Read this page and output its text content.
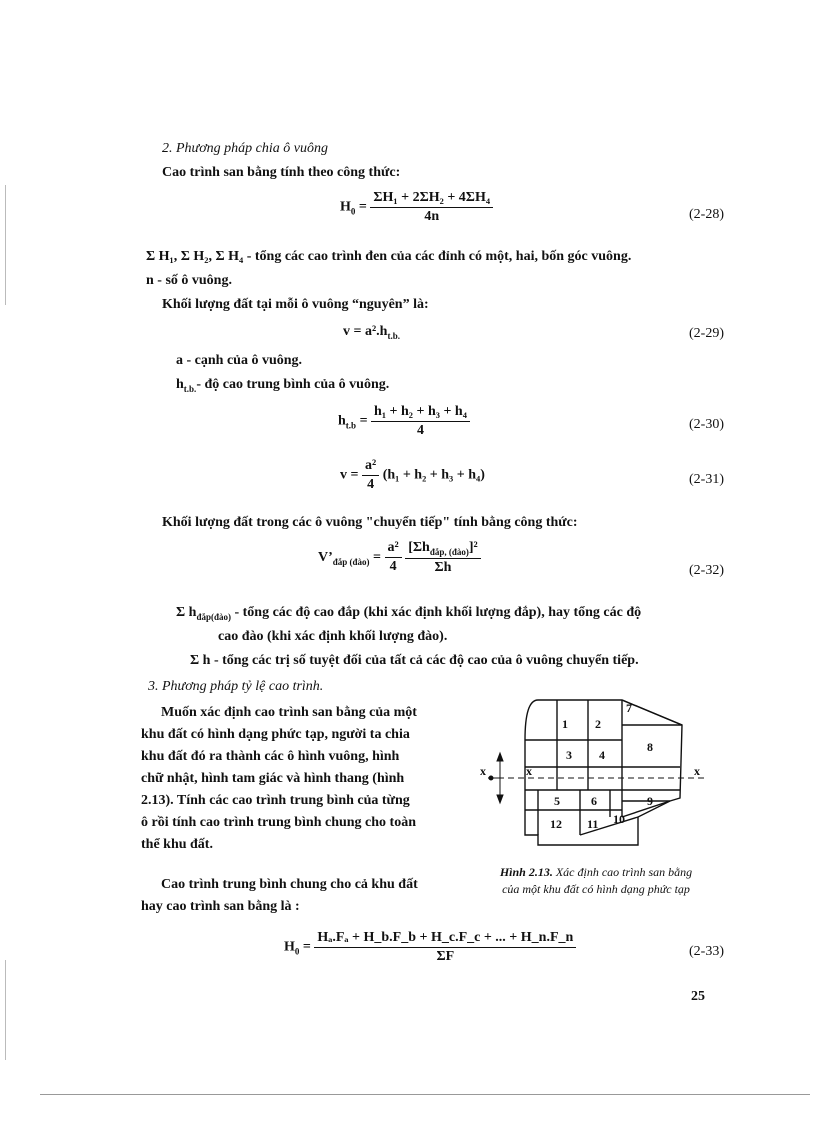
2. Phương pháp chia ô vuông
Cao trình san bằng tính theo công thức:
$H_0 = \frac{\text{ΣH₁ + 2ΣH₂ + 4ΣH₄}}{4n}$	(2-28)
Σ H₁, Σ H₂, Σ H₄ - tổng các cao trình đen của các đỉnh có một, hai, bốn góc vuông.
n - số ô vuông.
Khối lượng đất tại mỗi ô vuông “nguyên” là:
$v = a^2.h_{t.b.}$	(2-29)
a - cạnh của ô vuông.
$h_{t.b.}-$ độ cao trung bình của ô vuông.
$h_{t.b} = \frac{\text{h₁ + h₂ + h₃ + h₄}}{4}$	(2-30)
$v = \frac{\text{a²}}{4} (h_1 + h_2 + h_3 + h_4)$	(2-31)
Khối lượng đất trong các ô vuông "chuyển tiếp" tính bằng công thức:
$V’_{đắp (đào)} = \frac{\text{a²}}{4}$
$\frac{[\Sigma h_{đắp, (đào)}]^2}{\Sigma h}$	(2-32)
Σ $h_{đắp(đào)}$ - tổng các độ cao đắp (khi xác định khối lượng đắp), hay tổng các độ
cao đào (khi xác định khối lượng đào).
Σ h - tổng các trị số tuyệt đối của tất cả các độ cao của ô vuông chuyển tiếp.
3. Phương pháp tỷ lệ cao trình.
Muốn xác định cao trình san bằng của một
khu đất có hình dạng phức tạp, người ta chia
khu đất đó ra thành các ô hình vuông, hình
chữ nhật, hình tam giác và hình thang (hình
2.13). Tính các cao trình trung bình của từng
ô rồi tính cao trình trung bình chung cho toàn
thể khu đất.
Cao trình trung bình chung cho cả khu đất
hay cao trình san bằng là :
1 2
7
8
3 4
5	6	9
12 11 10
x	x	x
Hình 2.13. Xác định cao trình san bằng
của một khu đất có hình dạng phức tạp
$H_0 = \frac{\text{Hₐ.Fₐ + H\_b.F\_b + H\_c.F\_c + ... + H\_n.F\_n}}{\Sigma F}$	(2-33)
25
